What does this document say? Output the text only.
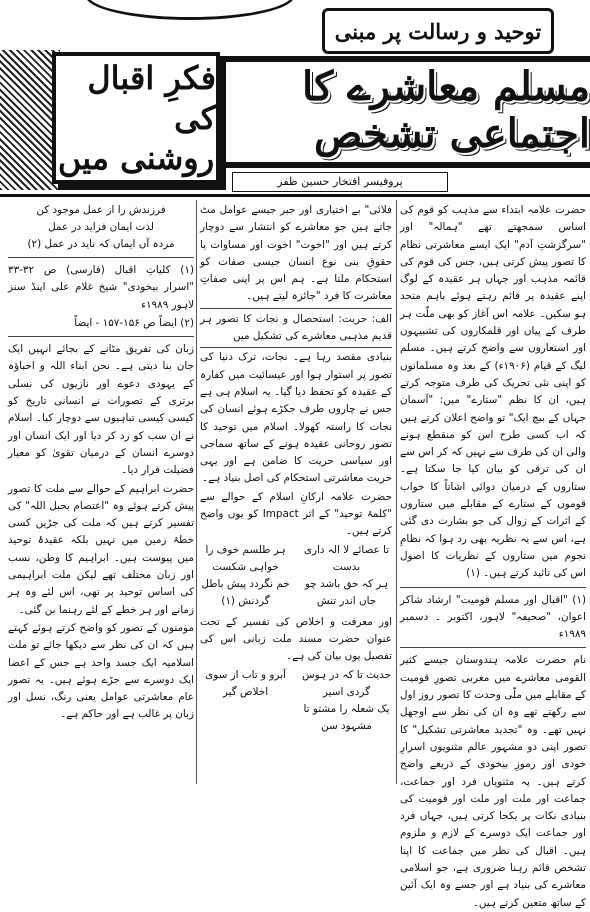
توحید و رسالت پر مبنی
مسلم معاشرے کا اجتماعی تشخص
فکرِ اقبال کی
روشنی میں
پروفیسر افتخار حسین ظفر

حضرت علامہ ابتداء سے مذہب کو قوم کی اساس سمجھتے تھے "ہمالہ" اور "سرگزشتِ آدم" ایک ایسے معاشرتی نظام کا تصور پیش کرتی ہیں، جس کی قوم کی قائمہ مذہب اور جہاں ہر عقیدہ کے لوگ اپنے عقیدہ پر قائم رہتے ہوئے باہم متحد ہو سکیں۔ علامہ اس آغاز کو بھی ملّت ہر طرف کے پیاں اور قلمکاروں کی تشبیہوں اور استعاروں سے واضح کرتے ہیں۔ مسلم لیگ کے قیام (۱۹۰۶ء) کے بعد وہ مسلمانوں کو اپنی نئی تحریک کی طرف متوجہ کرتے ہیں، ان کا نظم "ستارے" میں: "آسمان جہاں کے بیچ ایک" تو واضح اعلان کرتے ہیں کہ اب کسی طرح اس کو منقطع ہونے والی ان کی طرف سے نہیں کہ کر اس سے ان کی ترقی کو بیان کیا جا سکتا ہے۔ ستاروں کے درمیان دوائی اشاتاً کا خواب قوموں کے ستارے کے مقابلے میں ستاروں کے اثرات کے زوال کی جو بشارت دی گئی ہے، اس سے یہ نظریہ بھی رد ہوا کہ نظامِ نجوم میں ستاروں کے نظریات کا اصول اس کی تائید کرتے ہیں۔ (۱)

(۱) "اقبال اور مسلم قومیت" ارشاد شاکر اعوان، "صحیفہ" لاہور، اکتوبر ۔ دسمبر ۱۹۸۹ء

نام حضرت علامہ ہندوستان جیسے کثیر القومی معاشرے میں مغربی تصورِ قومیت کے مقابلے میں ملّی وحدت کا تصور روز اول سے رکھتے تھے وہ ان کی نظر سے اوجھل نہیں تھے۔ وہ "تجدید معاشرتی تشکیل" کا تصور اپنی دو مشہور عالم مثنویوں اسرارِ خودی اور رموزِ بیخودی کے ذریعے واضح کرتے ہیں۔ یہ مثنویاں فرد اور جماعت، جماعت اور ملت اور ملت اور قومیت کی بنیادی نکات پر یکجا کرتی ہیں، جہاں فرد اور جماعت ایک دوسرے کے لازم و ملزوم ہیں۔ اقبال کی نظر میں جماعت کا اپنا تشخص قائم رہنا ضروری ہے، جو اسلامی معاشرے کی بنیاد ہے اور جسے وہ ایک آئین کے ساتھ متعین کرتے ہیں۔

فلائی" بے اختیاری اور جبر جیسے عوامل مٹ جاتے ہیں جو معاشرے کو انتشار سے دوچار کرتے ہیں اور "اخوت" اخوت اور مساوات یا حقوقِ بنی نوع انسان جیسی صفات کو استحکام ملتا ہے۔ ہم اس پر اپنی صفاتِ معاشرت کا فرد "جائزہ لیتے ہیں۔

الف: حریت: استحصال و نجات کا تصور ہر قدیم مذہبی معاشرے کی تشکیل میں

بنیادی مقصد رہا ہے۔ نجات، ترک دنیا کی تصور پر استوار ہوا اور عیسائیت میں کفارہ کے عقیدہ کو تحفظ دیا گیا۔ یہ اسلام ہی ہے جس نے چاروں طرف جکڑے ہوئے انسان کی نجات کا راستہ کھولا۔ اسلام میں توحید کا تصور روحانی عقیدہ ہونے کے ساتھ سماجی اور سیاسی حریت کا ضامن ہے اور یہی حریت معاشرتی استحکام کی اصل بنیاد ہے۔

حضرت علامہ ارکانِ اسلام کے حوالے سے "کلمۂ توحید" کے اثر Impact کو یوں واضح کرتے ہیں۔

تا عصائے لا الہ داری بدست
ہر طلسم خوف را خواہی شکست
ہر کہ حق باشد چو جاں اندر تنش
خم نگردد پیش باطل گردنش (۱)

اور معرفت و اخلاص کی تفسیر کے تحت عنوان حضرت مسند ملت زبانی اس کی تفصیل یوں بیان کی ہے۔

حدیث تا کہ در ہوس گردی اسیر
آبرو و تاب از سوی اخلاص گیر
یک شعلہ را مشتو تا مشہود سن
فرزندش را از عمل موجود کن
لذت ایمان فزاید در عمل
مردہ آں ایماں کہ ناید در عمل (۲)

(۱) کلیاتِ اقبال (فارسی) ص ۳۲-۳۳ "اسرار بیخودی" شیخ غلام علی اینڈ سنز لاہور ۱۹۸۹ء

(۲) ایضاً ص ۱۵۶-۱۵۷ - ایضاً

زبان کی تفریق مٹانے کے بجائے انہیں ایک جان بنا دیتی ہے۔ نحن ابناء اللہ و احباؤہ کے یہودی دعوے اور نازیوں کی نسلی برتری کے تصورات نے انسانی تاریخ کو کیسی کیسی تباہیوں سے دوچار کیا۔ اسلام نے ان سب کو رد کر دیا اور ایک انسان اور دوسرے انسان کے درمیان تقویٰ کو معیار فضیلت قرار دیا۔

حضرت ابراہیم کے حوالے سے ملت کا تصور پیش کرتے ہوئے وہ "اعتصام بحبل اللہ" کی تفسیر کرتے ہیں کہ ملت کی جڑیں کسی خطۂ زمین میں نہیں بلکہ عقیدۂ توحید میں پیوست ہیں۔ ابراہیم کا وطن، نسب اور زبان مختلف تھے لیکن ملت ابراہیمی کی اساس توحید پر تھی، اس لئے وہ ہر زمانے اور ہر خطے کے لئے رہنما بن گئی۔

مومنوں کے تصور کو واضح کرتے ہوئے کہتے ہیں کہ ان کی نظر سے دیکھا جائے تو ملت اسلامیہ ایک جسد واحد ہے جس کے اعضا ایک دوسرے سے جڑے ہوئے ہیں۔ یہ تصور عام معاشرتی عوامل یعنی رنگ، نسل اور زبان پر غالب ہے اور حاکم ہے۔
